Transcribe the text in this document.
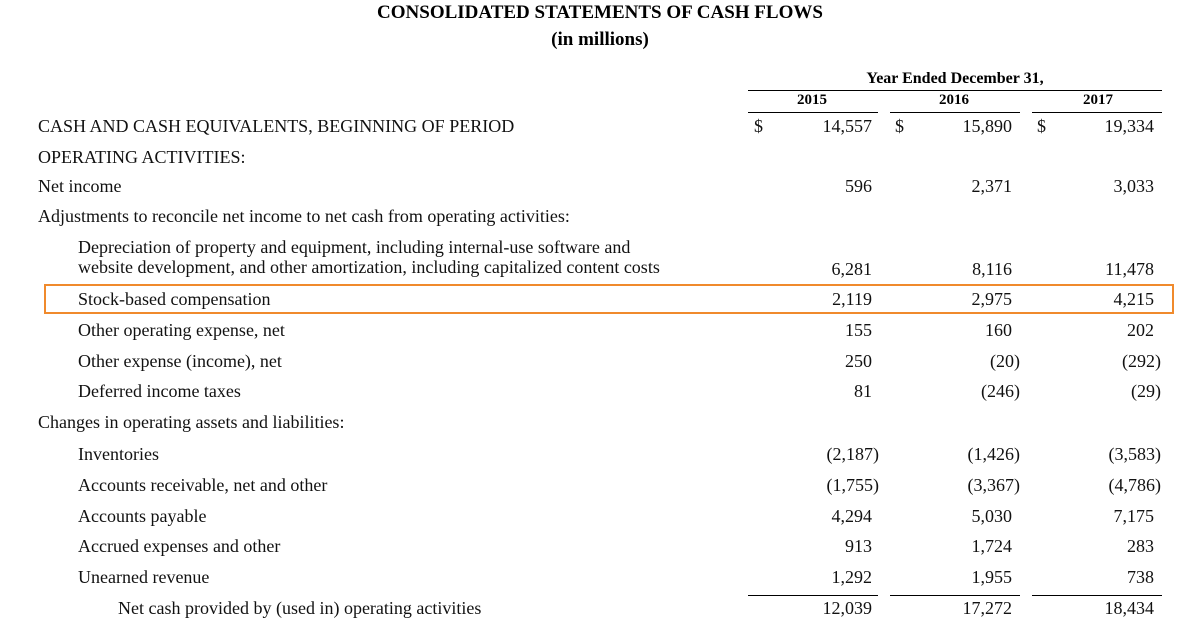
CONSOLIDATED STATEMENTS OF CASH FLOWS
(in millions)
Year Ended December 31,
2015	2016	2017
CASH AND CASH EQUIVALENTS, BEGINNING OF PERIOD	$	14,557 $	15,890 $	19,334
OPERATING ACTIVITIES:
Net income	596	2,371	3,033
Adjustments to reconcile net income to net cash from operating activities:
Depreciation of property and equipment, including internal-use software and
website development, and other amortization, including capitalized content costs	6,281	8,116	11,478
Stock-based compensation	2,119	2,975	4,215
Other operating expense, net	155	160	202
Other expense (income), net	250	(20)	(292)
Deferred income taxes	81	(246)	(29)
Changes in operating assets and liabilities:
Inventories	(2,187)	(1,426)	(3,583)
Accounts receivable, net and other	(1,755)	(3,367)	(4,786)
Accounts payable	4,294	5,030	7,175
Accrued expenses and other	913	1,724	283
Unearned revenue	1,292	1,955	738
Net cash provided by (used in) operating activities	12,039	17,272	18,434
